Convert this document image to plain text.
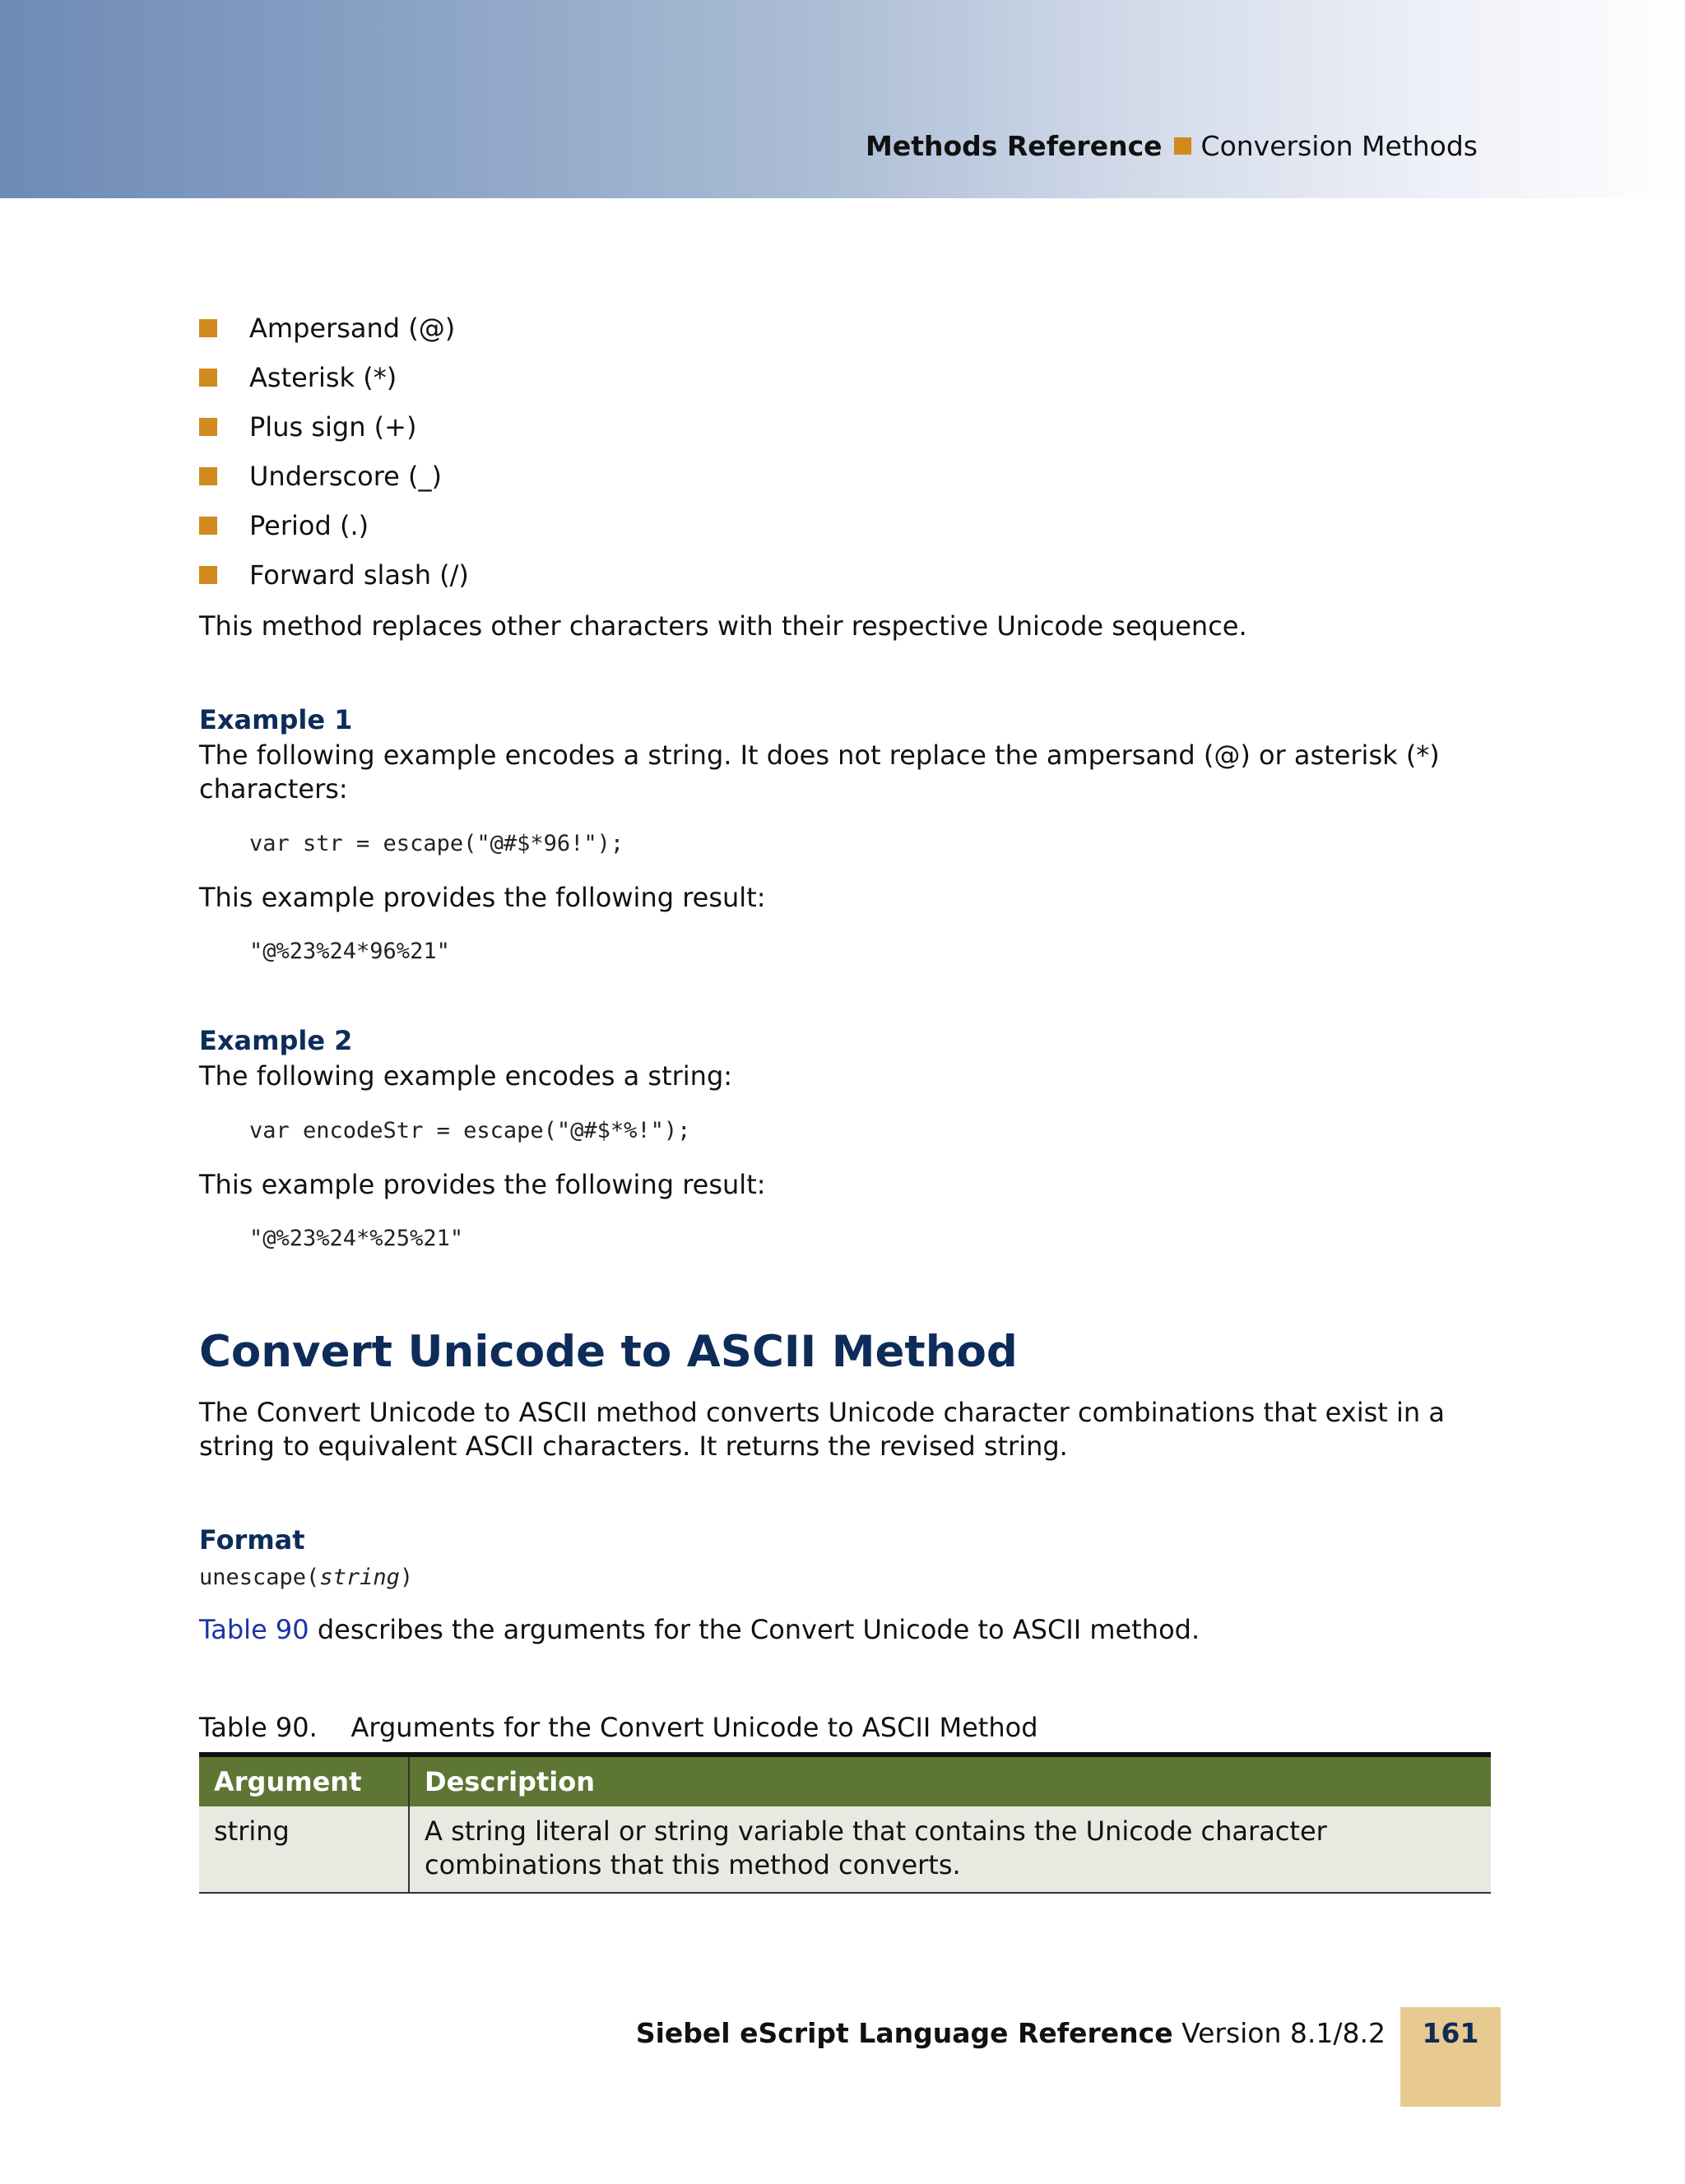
Methods Reference Conversion Methods
Ampersand (@)
Asterisk (*)
Plus sign (+)
Underscore (_)
Period (.)
Forward slash (/)
This method replaces other characters with their respective Unicode sequence.
Example 1
The following example encodes a string. It does not replace the ampersand (@) or asterisk (*) characters:
var str = escape("@#$*96!");
This example provides the following result:
"@%23%24*96%21"
Example 2
The following example encodes a string:
var encodeStr = escape("@#$*%!");
This example provides the following result:
"@%23%24*%25%21"
Convert Unicode to ASCII Method
The Convert Unicode to ASCII method converts Unicode character combinations that exist in a string to equivalent ASCII characters. It returns the revised string.
Format
unescape(string)
Table 90 describes the arguments for the Convert Unicode to ASCII method.
Table 90.    Arguments for the Convert Unicode to ASCII Method
Argument	Description
string	A string literal or string variable that contains the Unicode character combinations that this method converts.
Siebel eScript Language Reference Version 8.1/8.2	161
